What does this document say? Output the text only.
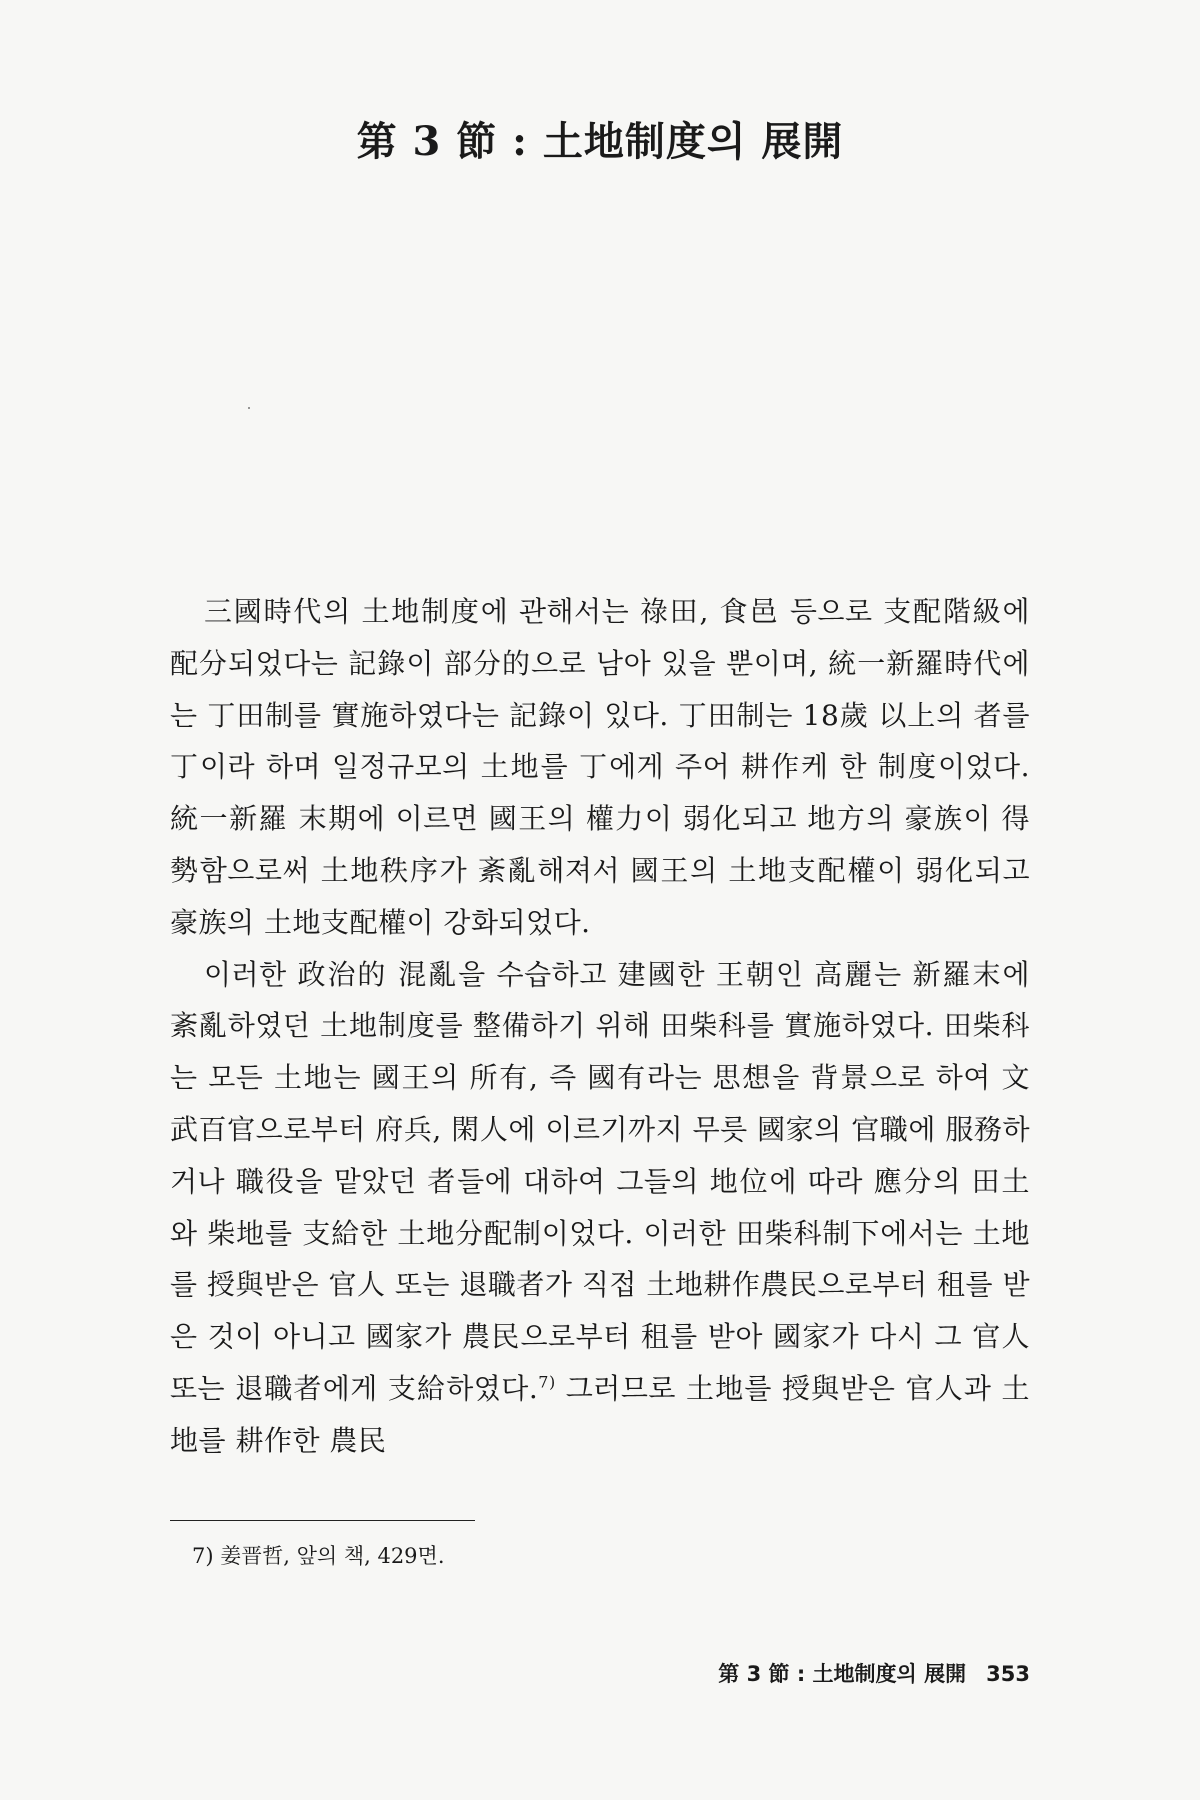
第 3 節 : 土地制度의 展開

三國時代의 土地制度에 관해서는 祿田, 食邑 등으로 支配階級에 配分되었다는 記錄이 部分的으로 남아 있을 뿐이며, 統一新羅時代에는 丁田制를 實施하였다는 記錄이 있다. 丁田制는 18歲 以上의 者를 丁이라 하며 일정규모의 土地를 丁에게 주어 耕作케 한 制度이었다. 統一新羅 末期에 이르면 國王의 權力이 弱化되고 地方의 豪族이 得勢함으로써 土地秩序가 紊亂해져서 國王의 土地支配權이 弱化되고 豪族의 土地支配權이 강화되었다.

이러한 政治的 混亂을 수습하고 建國한 王朝인 高麗는 新羅末에 紊亂하였던 土地制度를 整備하기 위해 田柴科를 實施하였다. 田柴科는 모든 土地는 國王의 所有, 즉 國有라는 思想을 背景으로 하여 文武百官으로부터 府兵, 閑人에 이르기까지 무릇 國家의 官職에 服務하거나 職役을 맡았던 者들에 대하여 그들의 地位에 따라 應分의 田土와 柴地를 支給한 土地分配制이었다. 이러한 田柴科制下에서는 土地를 授與받은 官人 또는 退職者가 직접 土地耕作農民으로부터 租를 받은 것이 아니고 國家가 農民으로부터 租를 받아 國家가 다시 그 官人 또는 退職者에게 支給하였다.$^{7)}$ 그러므로 土地를 授與받은 官人과 土地를 耕作한 農民

7) 姜晋哲, 앞의 책, 429면.

第 3 節 : 土地制度의 展開 353
